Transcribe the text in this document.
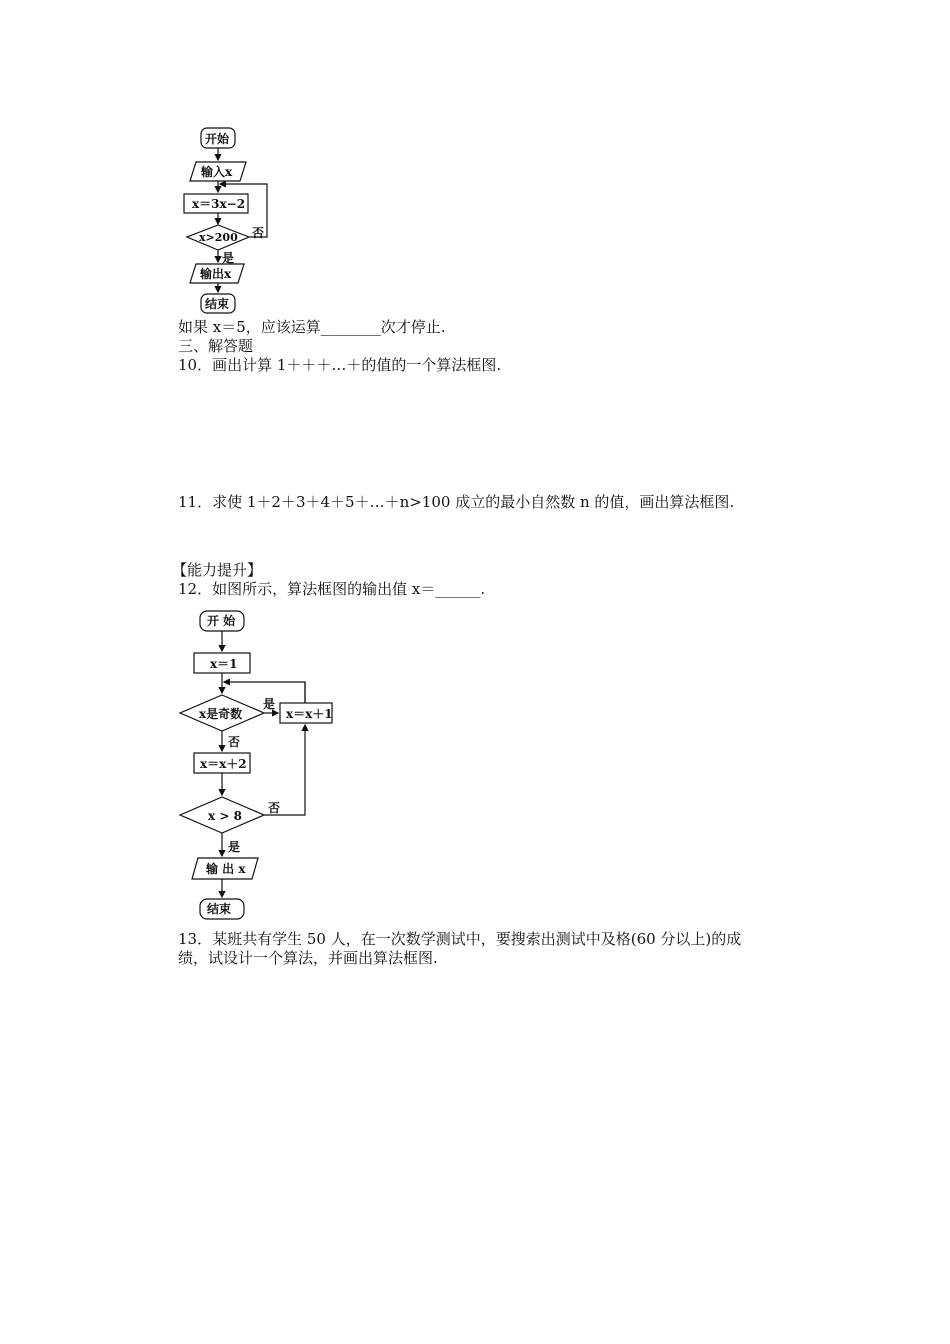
开始
输入x
x＝3x−2
x>200 否
是
输出x
结束
如果 x＝5，应该运算________次才停止.
三、解答题
10．画出计算 1＋＋＋…＋的值的一个算法框图.
11．求使 1＋2＋3＋4＋5＋…＋n>100 成立的最小自然数 n 的值，画出算法框图.
【能力提升】
12．如图所示，算法框图的输出值 x＝______.
开 始
x＝1
x是奇数
是
x＝x＋1
否
x＝x＋2
x > 8
否
是
输 出 x
结束
13．某班共有学生 50 人，在一次数学测试中，要搜索出测试中及格(60 分以上)的成
绩，试设计一个算法，并画出算法框图.
